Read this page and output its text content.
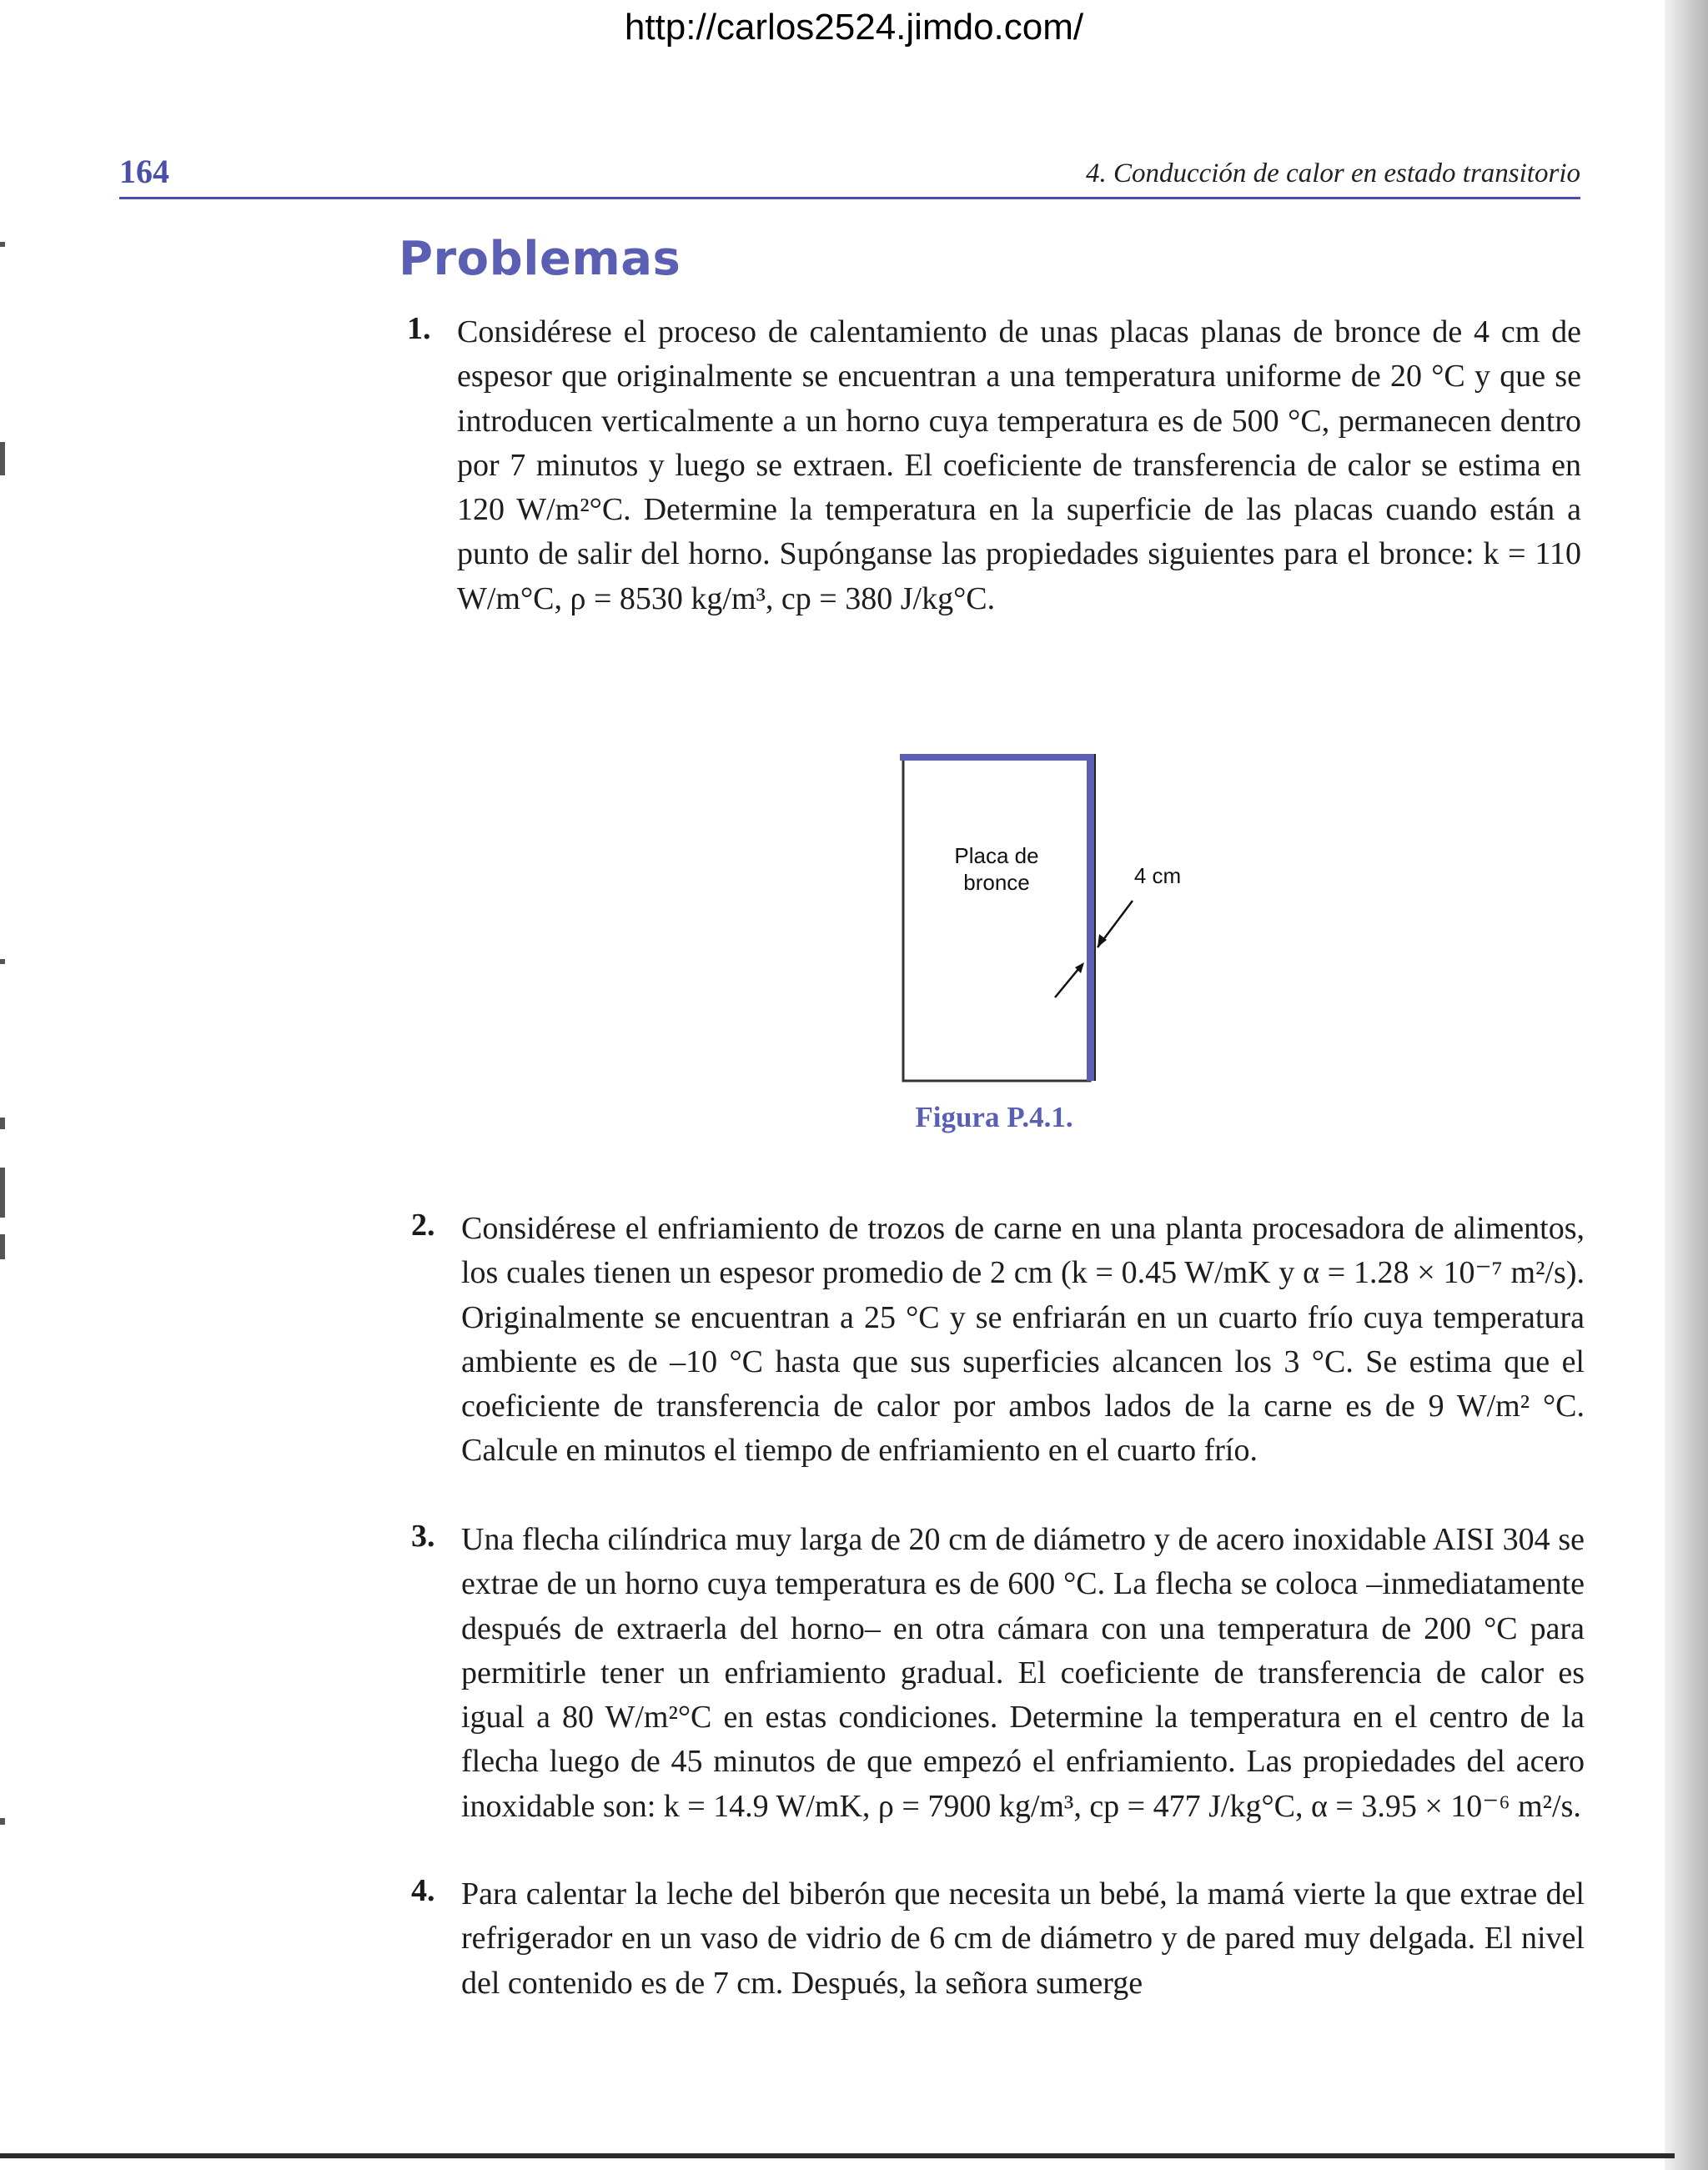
http://carlos2524.jimdo.com/
164	4. Conducción de calor en estado transitorio
Problemas
1. Considérese el proceso de calentamiento de unas placas planas de bronce de 4 cm de espesor que originalmente se encuentran a una temperatura uniforme de 20 °C y que se introducen verticalmente a un horno cuya temperatura es de 500 °C, permanecen dentro por 7 minutos y luego se extraen. El coeficiente de transferencia de calor se estima en 120 W/m²°C. Determine la temperatura en la superficie de las placas cuando están a punto de salir del horno. Supónganse las propiedades siguientes para el bronce: k = 110 W/m°C, ρ = 8530 kg/m³, cp = 380 J/kg°C.
Placa de
bronce	4 cm
Figura P.4.1.
2. Considérese el enfriamiento de trozos de carne en una planta procesadora de alimentos, los cuales tienen un espesor promedio de 2 cm (k = 0.45 W/mK y α = 1.28 × 10⁻⁷ m²/s). Originalmente se encuentran a 25 °C y se enfriarán en un cuarto frío cuya temperatura ambiente es de –10 °C hasta que sus superficies alcancen los 3 °C. Se estima que el coeficiente de transferencia de calor por ambos lados de la carne es de 9 W/m² °C. Calcule en minutos el tiempo de enfriamiento en el cuarto frío.
3. Una flecha cilíndrica muy larga de 20 cm de diámetro y de acero inoxidable AISI 304 se extrae de un horno cuya temperatura es de 600 °C. La flecha se coloca –inmediatamente después de extraerla del horno– en otra cámara con una temperatura de 200 °C para permitirle tener un enfriamiento gradual. El coeficiente de transferencia de calor es igual a 80 W/m²°C en estas condiciones. Determine la temperatura en el centro de la flecha luego de 45 minutos de que empezó el enfriamiento. Las propiedades del acero inoxidable son: k = 14.9 W/mK, ρ = 7900 kg/m³, cp = 477 J/kg°C, α = 3.95 × 10⁻⁶ m²/s.
4. Para calentar la leche del biberón que necesita un bebé, la mamá vierte la que extrae del refrigerador en un vaso de vidrio de 6 cm de diámetro y de pared muy delgada. El nivel del contenido es de 7 cm. Después, la señora sumerge
